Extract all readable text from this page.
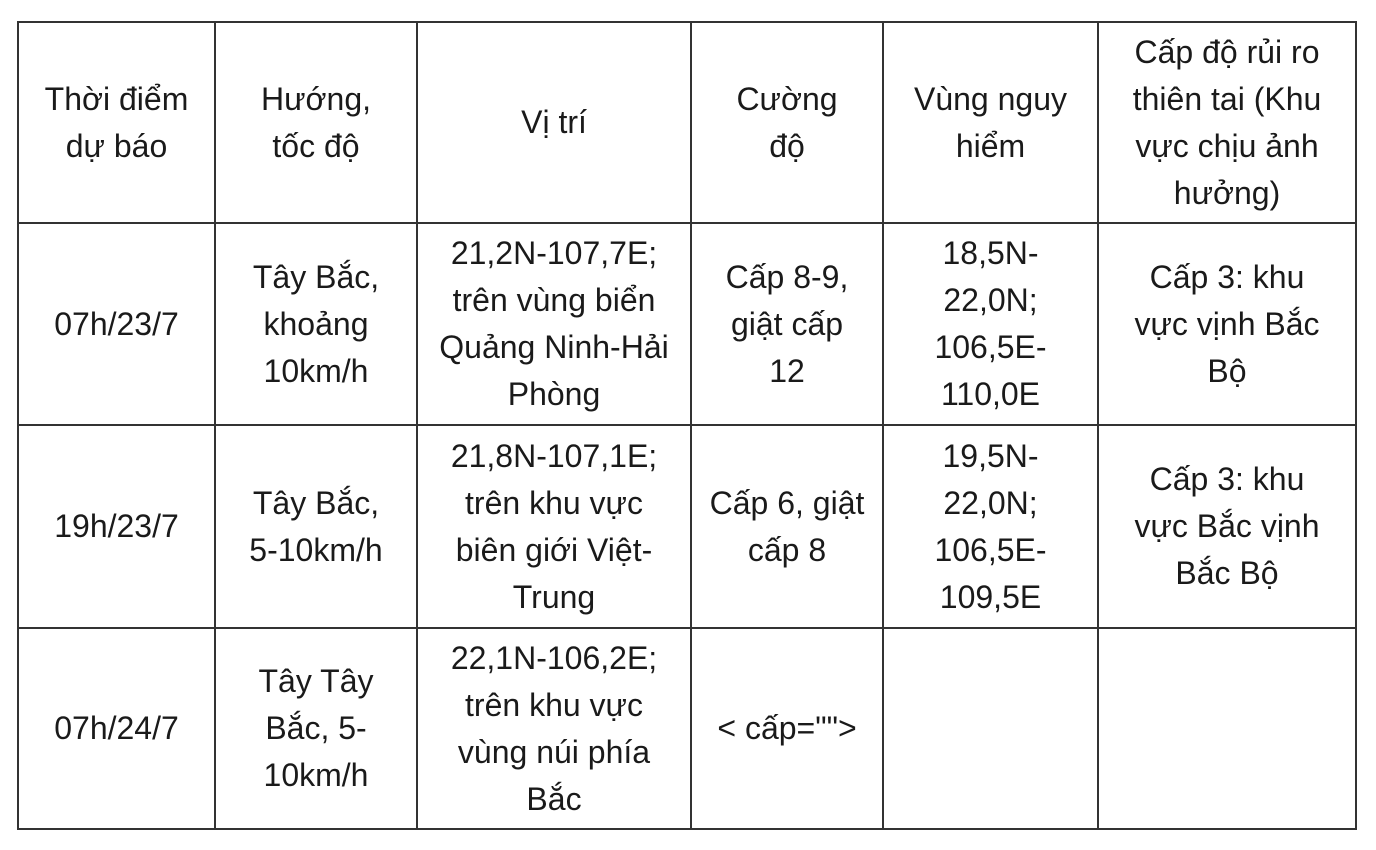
Thời điểm dự báo	Hướng, tốc độ	Vị trí	Cường độ	Vùng nguy hiểm	Cấp độ rủi ro thiên tai (Khu vực chịu ảnh hưởng)
07h/23/7	Tây Bắc, khoảng 10km/h	21,2N-107,7E; trên vùng biển Quảng Ninh-Hải Phòng	Cấp 8-9, giật cấp 12	18,5N-22,0N; 106,5E-110,0E	Cấp 3: khu vực vịnh Bắc Bộ
19h/23/7	Tây Bắc, 5-10km/h	21,8N-107,1E; trên khu vực biên giới Việt-Trung	Cấp 6, giật cấp 8	19,5N-22,0N; 106,5E-109,5E	Cấp 3: khu vực Bắc vịnh Bắc Bộ
07h/24/7	Tây Tây Bắc, 5-10km/h	22,1N-106,2E; trên khu vực vùng núi phía Bắc	< cấp="">		
